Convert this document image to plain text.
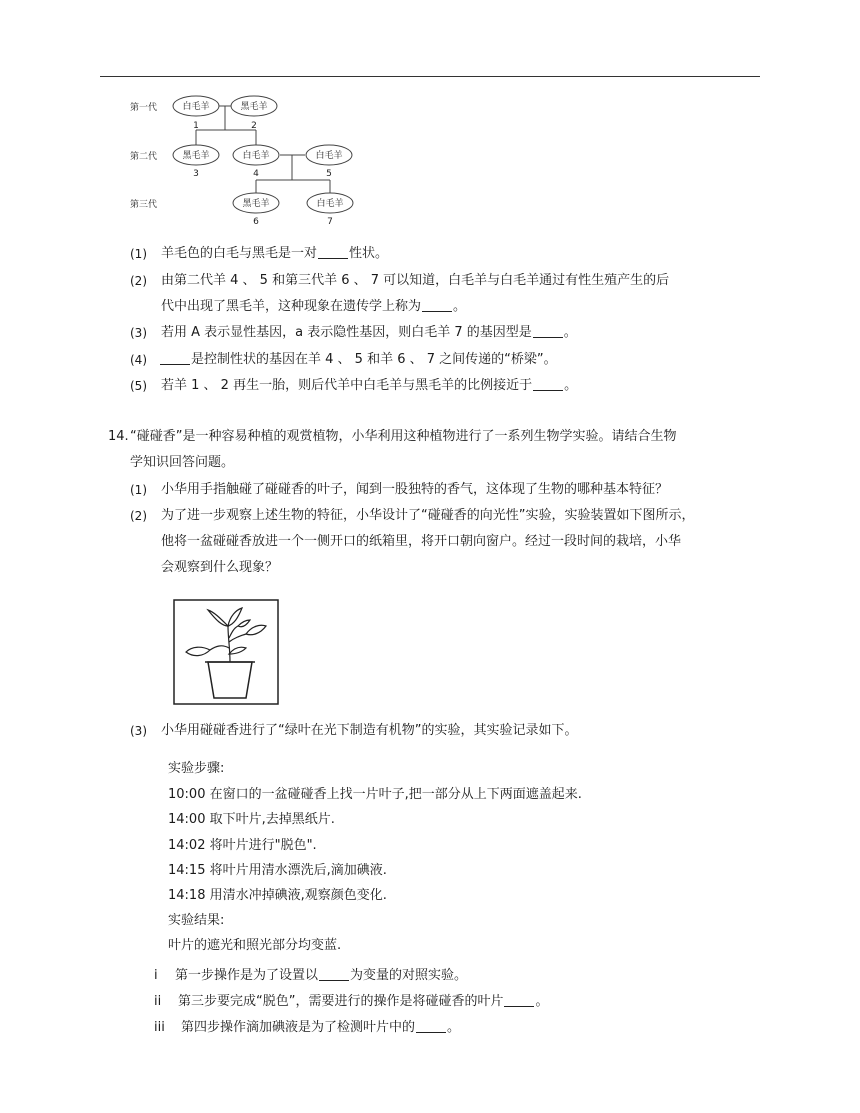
第一代
第二代
第三代
白毛羊
1
黑毛羊
2
黑毛羊
3
白毛羊
4
白毛羊
5
黑毛羊
6
白毛羊
7
(1) 羊毛色的白毛与黑毛是一对 性状。
(2) 由第二代羊 4 、 5 和第三代羊 6 、 7 可以知道，白毛羊与白毛羊通过有性生殖产生的后
代中出现了黑毛羊，这种现象在遗传学上称为 。
(3) 若用 A 表示显性基因，a 表示隐性基因，则白毛羊 7 的基因型是 。
(4)	是控制性状的基因在羊 4 、 5 和羊 6 、 7 之间传递的“桥梁”。
(5) 若羊 1 、 2 再生一胎，则后代羊中白毛羊与黑毛羊的比例接近于 。
14. “碰碰香”是一种容易种植的观赏植物，小华利用这种植物进行了一系列生物学实验。请结合生物
学知识回答问题。
(1) 小华用手指触碰了碰碰香的叶子，闻到一股独特的香气，这体现了生物的哪种基本特征？
(2) 为了进一步观察上述生物的特征，小华设计了“碰碰香的向光性”实验，实验装置如下图所示，
他将一盆碰碰香放进一个一侧开口的纸箱里，将开口朝向窗户。经过一段时间的栽培，小华
会观察到什么现象？
(3) 小华用碰碰香进行了“绿叶在光下制造有机物”的实验，其实验记录如下。
实验步骤:
10:00 在窗口的一盆碰碰香上找一片叶子,把一部分从上下两面遮盖起来.
14:00 取下叶片,去掉黑纸片.
14:02 将叶片进行"脱色".
14:15 将叶片用清水漂洗后,滴加碘液.
14:18 用清水冲掉碘液,观察颜色变化.
实验结果:
叶片的遮光和照光部分均变蓝.
i 第一步操作是为了设置以 为变量的对照实验。
ii 第三步要完成“脱色”，需要进行的操作是将碰碰香的叶片 。
iii 第四步操作滴加碘液是为了检测叶片中的 。
